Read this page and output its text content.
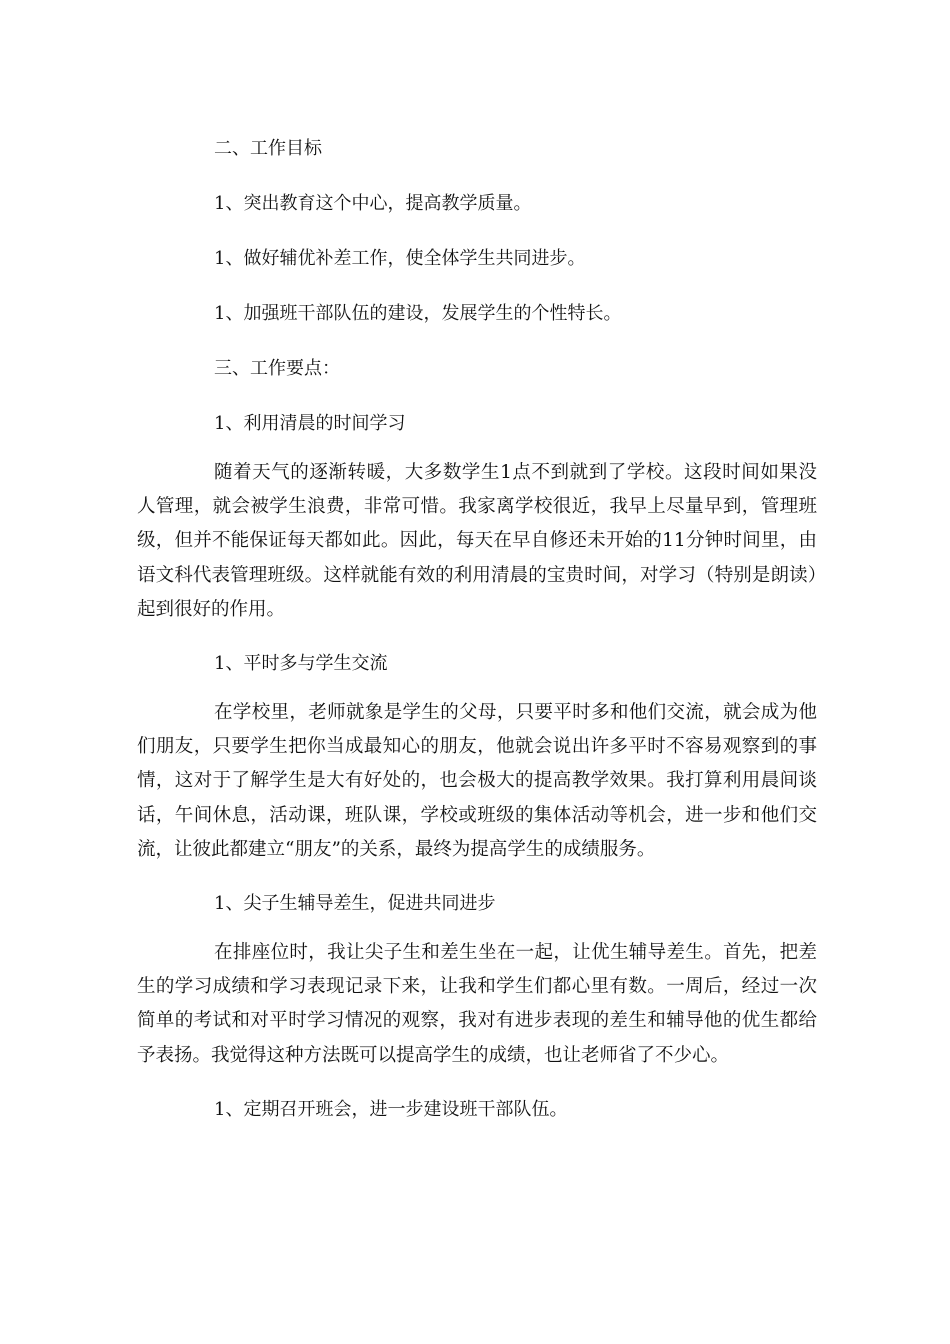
二、工作目标
1、突出教育这个中心，提高教学质量。
1、做好辅优补差工作，使全体学生共同进步。
1、加强班干部队伍的建设，发展学生的个性特长。
三、工作要点：
1、利用清晨的时间学习

随着天气的逐渐转暖，大多数学生1点不到就到了学校。这段时间如果没人管理，就会被学生浪费，非常可惜。我家离学校很近，我早上尽量早到，管理班级，但并不能保证每天都如此。因此，每天在早自修还未开始的11分钟时间里，由语文科代表管理班级。这样就能有效的利用清晨的宝贵时间，对学习（特别是朗读）起到很好的作用。

1、平时多与学生交流

在学校里，老师就象是学生的父母，只要平时多和他们交流，就会成为他们朋友，只要学生把你当成最知心的朋友，他就会说出许多平时不容易观察到的事情，这对于了解学生是大有好处的，也会极大的提高教学效果。我打算利用晨间谈话，午间休息，活动课，班队课，学校或班级的集体活动等机会，进一步和他们交流，让彼此都建立“朋友”的关系，最终为提高学生的成绩服务。

1、尖子生辅导差生，促进共同进步

在排座位时，我让尖子生和差生坐在一起，让优生辅导差生。首先，把差生的学习成绩和学习表现记录下来，让我和学生们都心里有数。一周后，经过一次简单的考试和对平时学习情况的观察，我对有进步表现的差生和辅导他的优生都给予表扬。我觉得这种方法既可以提高学生的成绩，也让老师省了不少心。

1、定期召开班会，进一步建设班干部队伍。
